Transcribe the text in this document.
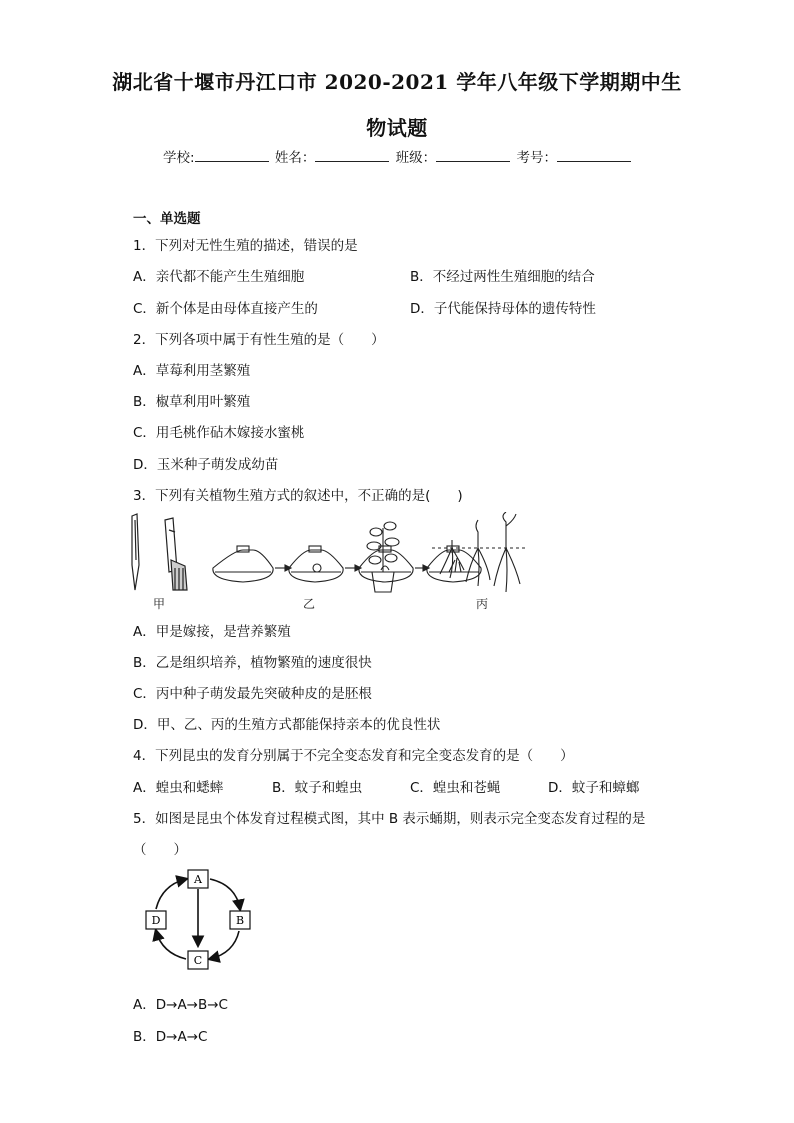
湖北省十堰市丹江口市 2020-2021 学年八年级下学期期中生
物试题
学校:	姓名：	班级：	考号：
一、单选题
1．下列对无性生殖的描述，错误的是
A．亲代都不能产生生殖细胞	B．不经过两性生殖细胞的结合
C．新个体是由母体直接产生的	D．子代能保持母体的遗传特性
2．下列各项中属于有性生殖的是（　　）
A．草莓利用茎繁殖
B．椒草利用叶繁殖
C．用毛桃作砧木嫁接水蜜桃
D．玉米种子萌发成幼苗
3．下列有关植物生殖方式的叙述中，不正确的是(　　)
甲	乙	丙
A．甲是嫁接，是营养繁殖
B．乙是组织培养，植物繁殖的速度很快
C．丙中种子萌发最先突破种皮的是胚根
D．甲、乙、丙的生殖方式都能保持亲本的优良性状
4．下列昆虫的发育分别属于不完全变态发育和完全变态发育的是（　　）
A．蝗虫和蟋蟀	B．蚊子和蝗虫	C．蝗虫和苍蝇	D．蚊子和蟑螂
5．如图是昆虫个体发育过程模式图，其中 B 表示蛹期，则表示完全变态发育过程的是
（　　）
A
B
C
D
A．D→A→B→C
B．D→A→C
